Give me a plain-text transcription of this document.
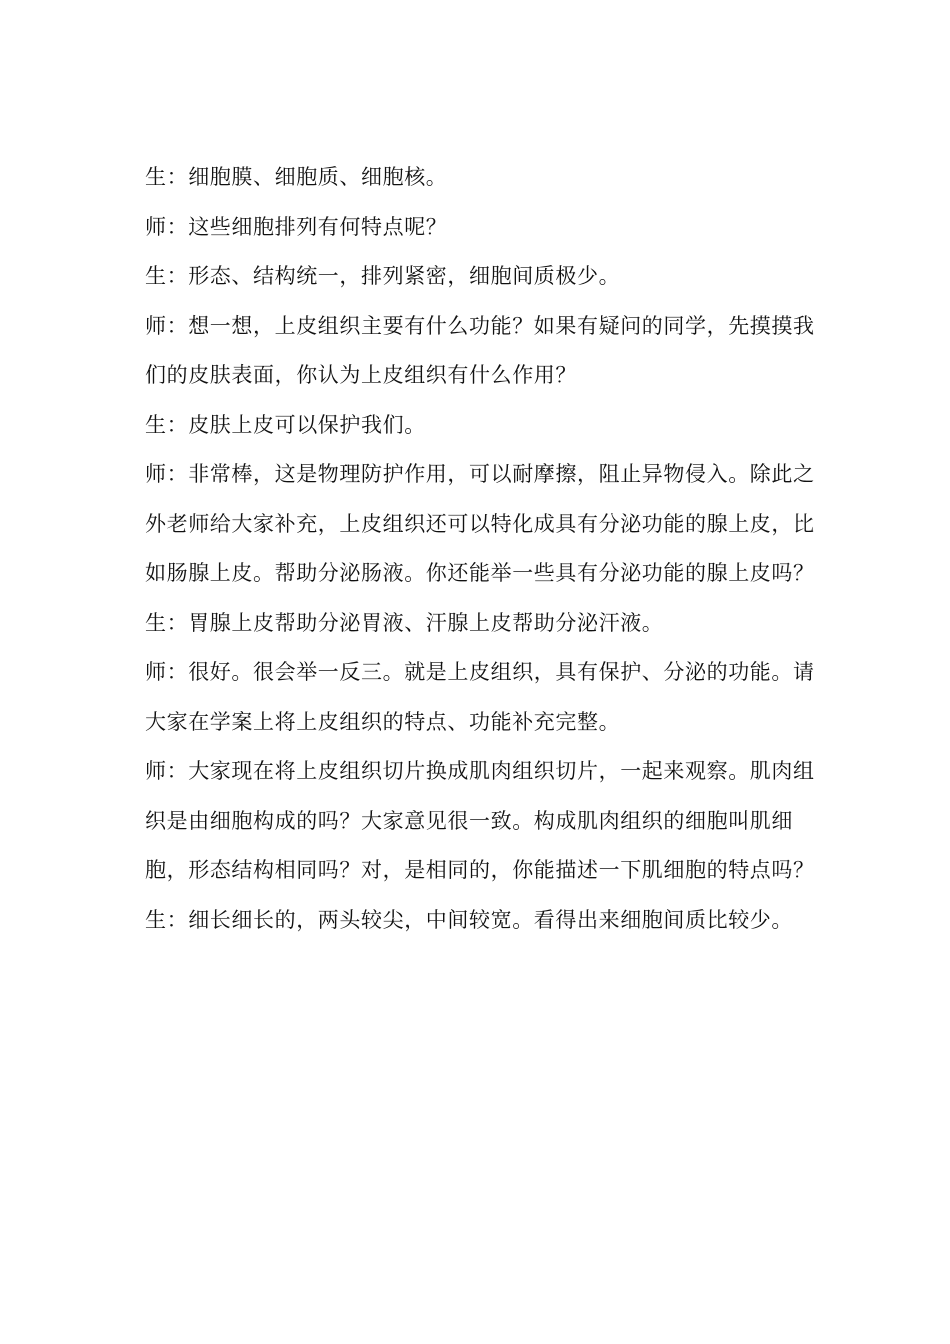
生：细胞膜、细胞质、细胞核。

师：这些细胞排列有何特点呢？

生：形态、结构统一，排列紧密，细胞间质极少。

师：想一想，上皮组织主要有什么功能？如果有疑问的同学，先摸摸我们的皮肤表面，你认为上皮组织有什么作用？

生：皮肤上皮可以保护我们。

师：非常棒，这是物理防护作用，可以耐摩擦，阻止异物侵入。除此之外老师给大家补充，上皮组织还可以特化成具有分泌功能的腺上皮，比如肠腺上皮。帮助分泌肠液。你还能举一些具有分泌功能的腺上皮吗？

生：胃腺上皮帮助分泌胃液、汗腺上皮帮助分泌汗液。

师：很好。很会举一反三。就是上皮组织，具有保护、分泌的功能。请大家在学案上将上皮组织的特点、功能补充完整。

师：大家现在将上皮组织切片换成肌肉组织切片，一起来观察。肌肉组织是由细胞构成的吗？大家意见很一致。构成肌肉组织的细胞叫肌细胞，形态结构相同吗？对，是相同的，你能描述一下肌细胞的特点吗？

生：细长细长的，两头较尖，中间较宽。看得出来细胞间质比较少。
